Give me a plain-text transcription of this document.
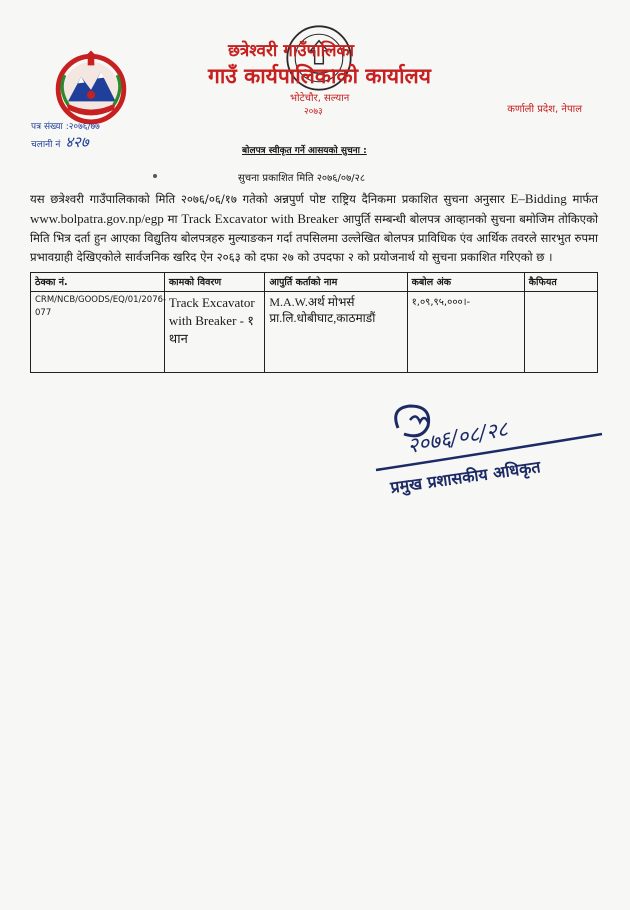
छत्रेश्वरी गाउँपालिका
गाउँ कार्यपालिकाको कार्यालय
भोटेचौर, सल्यान
२०७३	कर्णाली प्रदेश, नेपाल
पत्र संख्या :२०७६/७७
चलानी नं ४२७	बोलपत्र स्वीकृत गर्ने आसयको सुचना :
सुचना प्रकाशित मिति २०७६/०७/२८
यस छत्रेश्वरी गाउँपालिकाको मिति २०७६/०६/१७ गतेको अन्नपुर्ण पोष्ट राष्ट्रिय दैनिकमा प्रकाशित सुचना अनुसार E–Bidding मार्फत www.bolpatra.gov.np/egp मा Track Excavator with Breaker आपुर्ति सम्बन्धी बोलपत्र आव्हानको सुचना बमोजिम तोकिएको मिति भित्र दर्ता हुन आएका विद्युतिय बोलपत्रहरु मुल्याङकन गर्दा तपसिलमा उल्लेखित बोलपत्र प्राविधिक एंव आर्थिक तवरले सारभुत रुपमा प्रभावग्राही देखिएकोले सार्वजनिक खरिद ऐन २०६३ को दफा २७ को उपदफा २ को प्रयोजनार्थ यो सुचना प्रकाशित गरिएको छ ।
ठेक्का नं.	कामको विवरण	आपुर्ति कर्ताको नाम	कबोल अंक	कैफियत
CRM/NCB/GOODS/EQ/01/2076-077	Track Excavator with Breaker - १ थान	M.A.W.अर्थ मोभर्स प्रा.लि.धोबीघाट,काठमाडौं	१,०९,९५,०००।-	
२०७६/०८/२८
प्रमुख प्रशासकीय अधिकृत
